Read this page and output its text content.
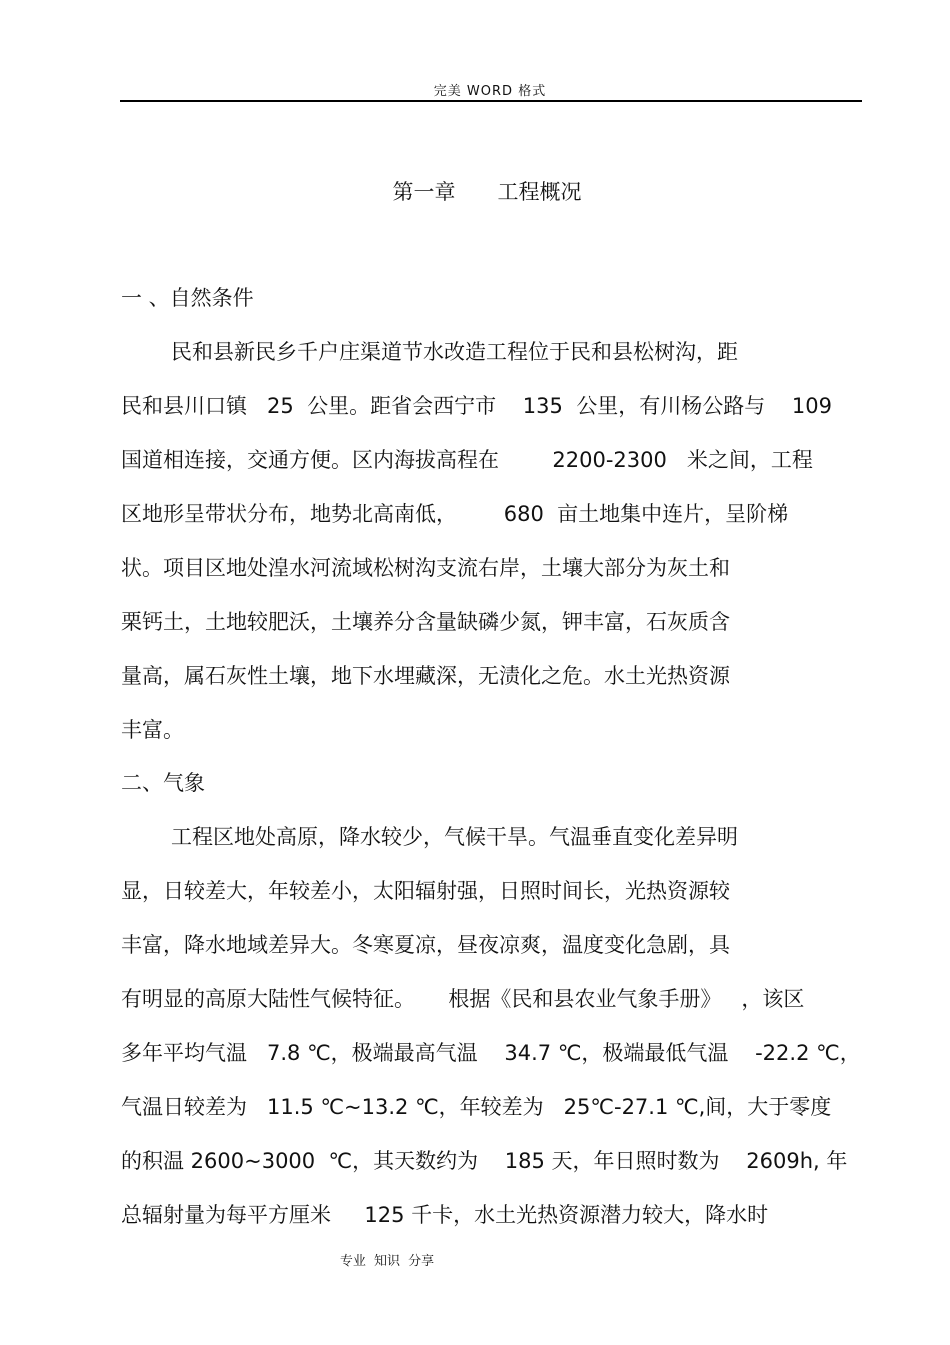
完美 WORD 格式
第一章　　工程概况
一 、自然条件
民和县新民乡千户庄渠道节水改造工程位于民和县松树沟，距
民和县川口镇   25  公里。距省会西宁市    135  公里，有川杨公路与    109
国道相连接，交通方便。区内海拔高程在        2200-2300   米之间，工程
区地形呈带状分布，地势北高南低，       680  亩土地集中连片，呈阶梯
状。项目区地处湟水河流域松树沟支流右岸，土壤大部分为灰土和
栗钙土，土地较肥沃，土壤养分含量缺磷少氮，钾丰富，石灰质含
量高，属石灰性土壤，地下水埋藏深，无渍化之危。水土光热资源
丰富。
二、气象
工程区地处高原，降水较少，气候干旱。气温垂直变化差异明
显，日较差大，年较差小，太阳辐射强，日照时间长，光热资源较
丰富，降水地域差异大。冬寒夏凉，昼夜凉爽，温度变化急剧，具
有明显的高原大陆性气候特征。     根据《民和县农业气象手册》   ，该区
多年平均气温   7.8 ℃，极端最高气温    34.7 ℃，极端最低气温    -22.2 ℃，
气温日较差为   11.5 ℃~13.2 ℃，年较差为   25℃-27.1 ℃,间，大于零度
的积温 2600~3000  ℃，其天数约为    185 天，年日照时数为    2609h, 年
总辐射量为每平方厘米     125 千卡，水土光热资源潜力较大，降水时
专业 知识 分享
